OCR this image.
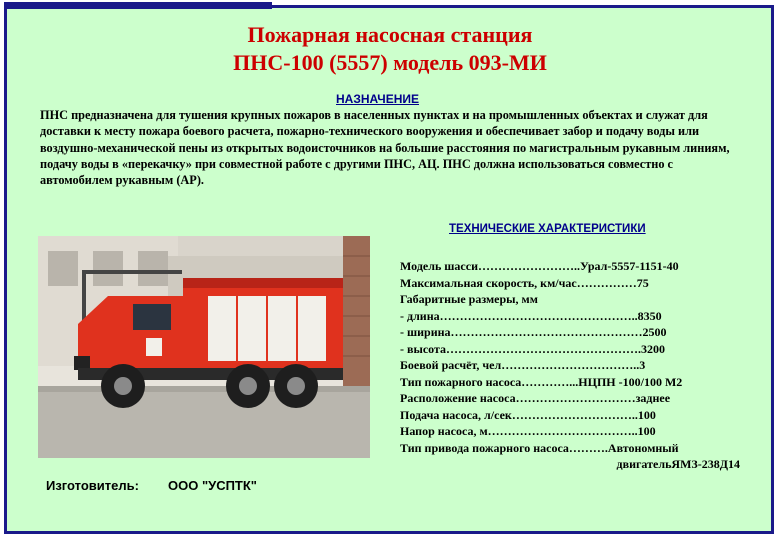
Пожарная насосная станция
ПНС-100 (5557) модель 093-МИ
НАЗНАЧЕНИЕ
ПНС предназначена для тушения крупных пожаров в населенных пунктах и на промышленных объектах и служат для доставки к месту пожара боевого расчета, пожарно-технического вооружения и обеспечивает забор и подачу воды или воздушно-механической пены из открытых водоисточников на большие расстояния по магистральным рукавным линиям, подачу воды в «перекачку» при совместной работе с другими ПНС, АЦ. ПНС должна использоваться совместно с автомобилем рукавным (АР).
ТЕХНИЧЕСКИЕ ХАРАКТЕРИСТИКИ
Модель шасси……………………..Урал-5557-1151-40
Максимальная скорость, км/час……………75
Габаритные размеры, мм
- длина…………………………………………..8350
- ширина…………………………………………2500
- высота………………………………………….3200
Боевой расчёт, чел……………………………..3
Тип пожарного насоса…………...НЦПН -100/100 М2
Расположение насоса…………………………заднее
Подача насоса, л/сек…………………………..100
Напор насоса, м………………………………..100
Тип привода пожарного насоса……….Автономный
двигательЯМЗ-238Д14
Изготовитель: ООО "УСПТК"
